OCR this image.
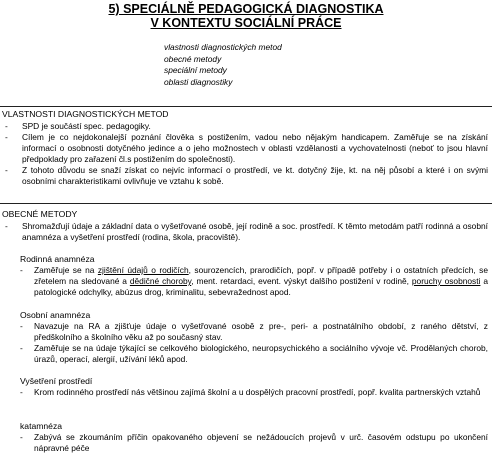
5) SPECIÁLNĚ PEDAGOGICKÁ DIAGNOSTIKA
V KONTEXTU SOCIÁLNÍ PRÁCE
vlastnosti diagnostických metod
obecné metody
speciální metody
oblasti diagnostiky
VLASTNOSTI DIAGNOSTICKÝCH METOD
- SPD je součástí spec. pedagogiky.
- Cílem je co nejdokonalejší poznání člověka s postižením, vadou nebo nějakým handicapem. Zaměřuje se na získání informací o osobnosti dotyčného jedince a o jeho možnostech v oblasti vzdělanosti a vychovatelnosti (neboť to jsou hlavní předpoklady pro zařazení čl.s postižením do společnosti).
- Z tohoto důvodu se snaží získat co nejvíc informací o prostředí, ve kt. dotyčný žije, kt. na něj působí a které i on svými osobními charakteristikami ovlivňuje ve vztahu k sobě.
OBECNÉ METODY
- Shromažďují údaje a základní data o vyšetřované osobě, její rodině a soc. prostředí. K těmto metodám patří rodinná a osobní anamnéza a vyšetření prostředí (rodina, škola, pracoviště).
Rodinná anamnéza
- Zaměřuje se na zjištění údajů o rodičích, sourozencích, prarodičích, popř. v případě potřeby i o ostatních předcích, se zřetelem na sledované a dědičné choroby, ment. retardaci, event. výskyt dalšího postižení v rodině, poruchy osobnosti a patologické odchylky, abúzus drog, kriminalitu, sebevražednost apod.
Osobní anamnéza
- Navazuje na RA a zjišťuje údaje o vyšetřované osobě z pre-, peri- a postnatálního období, z raného dětství, z předškolního a školního věku až po současný stav.
- Zaměřuje se na údaje týkající se celkového biologického, neuropsychického a sociálního vývoje vč. Prodělaných chorob, úrazů, operací, alergií, užívání léků apod.
Vyšetření prostředí
- Krom rodinného prostředí nás většinou zajímá školní a u dospělých pracovní prostředí, popř. kvalita partnerských vztahů
katamnéza
- Zabývá se zkoumáním příčin opakovaného objevení se nežádoucích projevů v urč. časovém odstupu po ukončení nápravné péče
